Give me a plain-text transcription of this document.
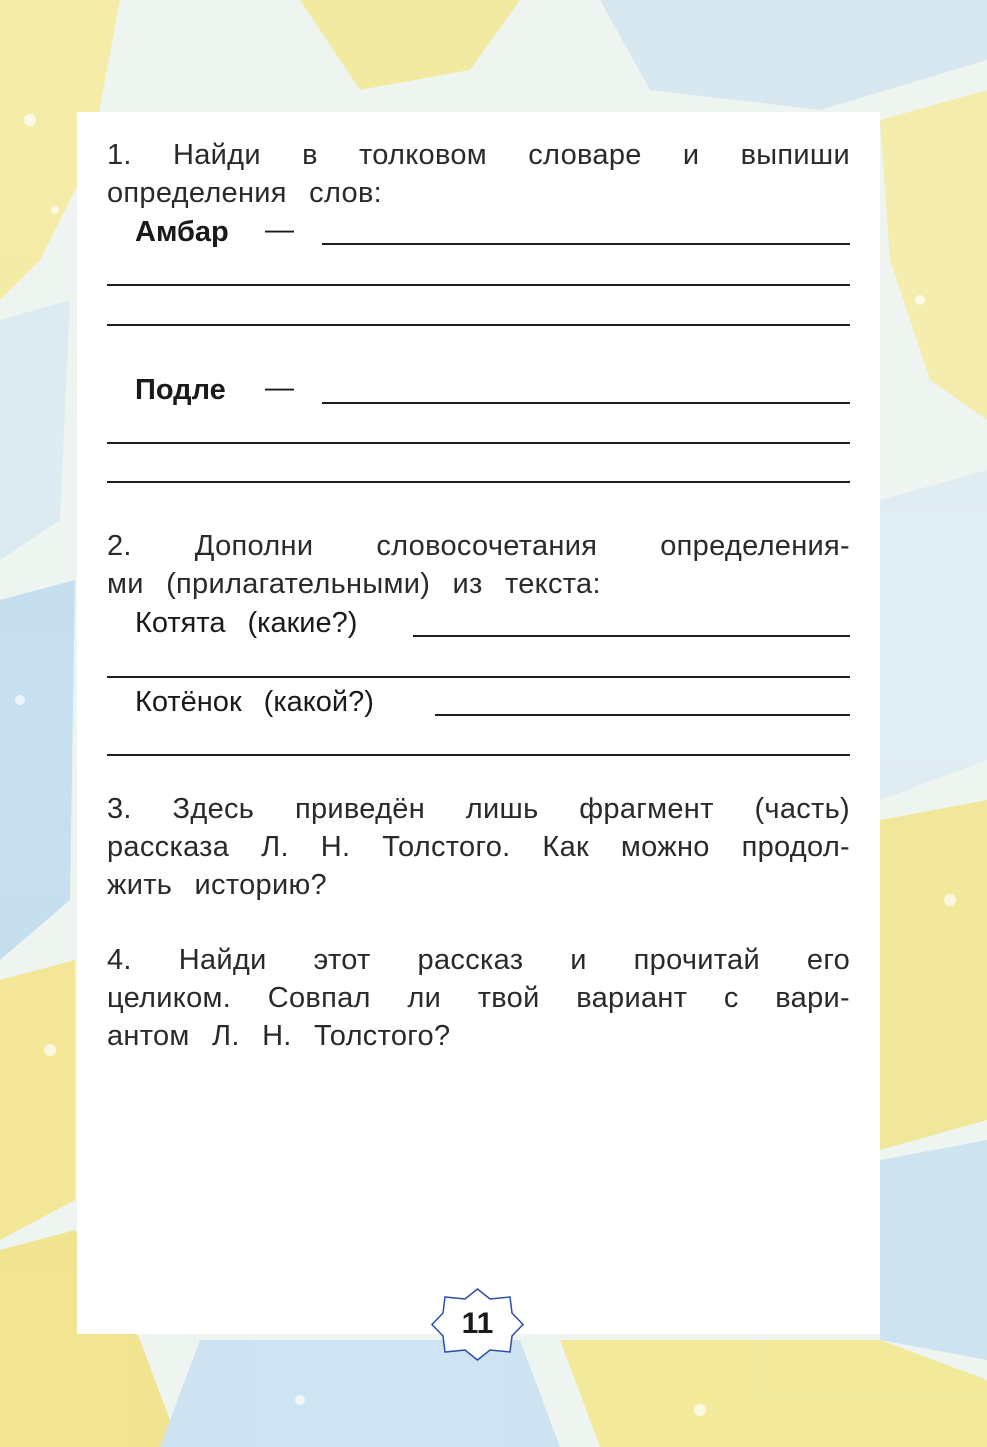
1. Найди в толковом словаре и выпиши
определения слов:
Амбар —
Подле —
2. Дополни словосочетания определения-
ми (прилагательными) из текста:
Котята (какие?)
Котёнок (какой?)
3. Здесь приведён лишь фрагмент (часть)
рассказа Л. Н. Толстого. Как можно продол-
жить историю?
4. Найди этот рассказ и прочитай его
целиком. Совпал ли твой вариант с вари-
антом Л. Н. Толстого?
11
